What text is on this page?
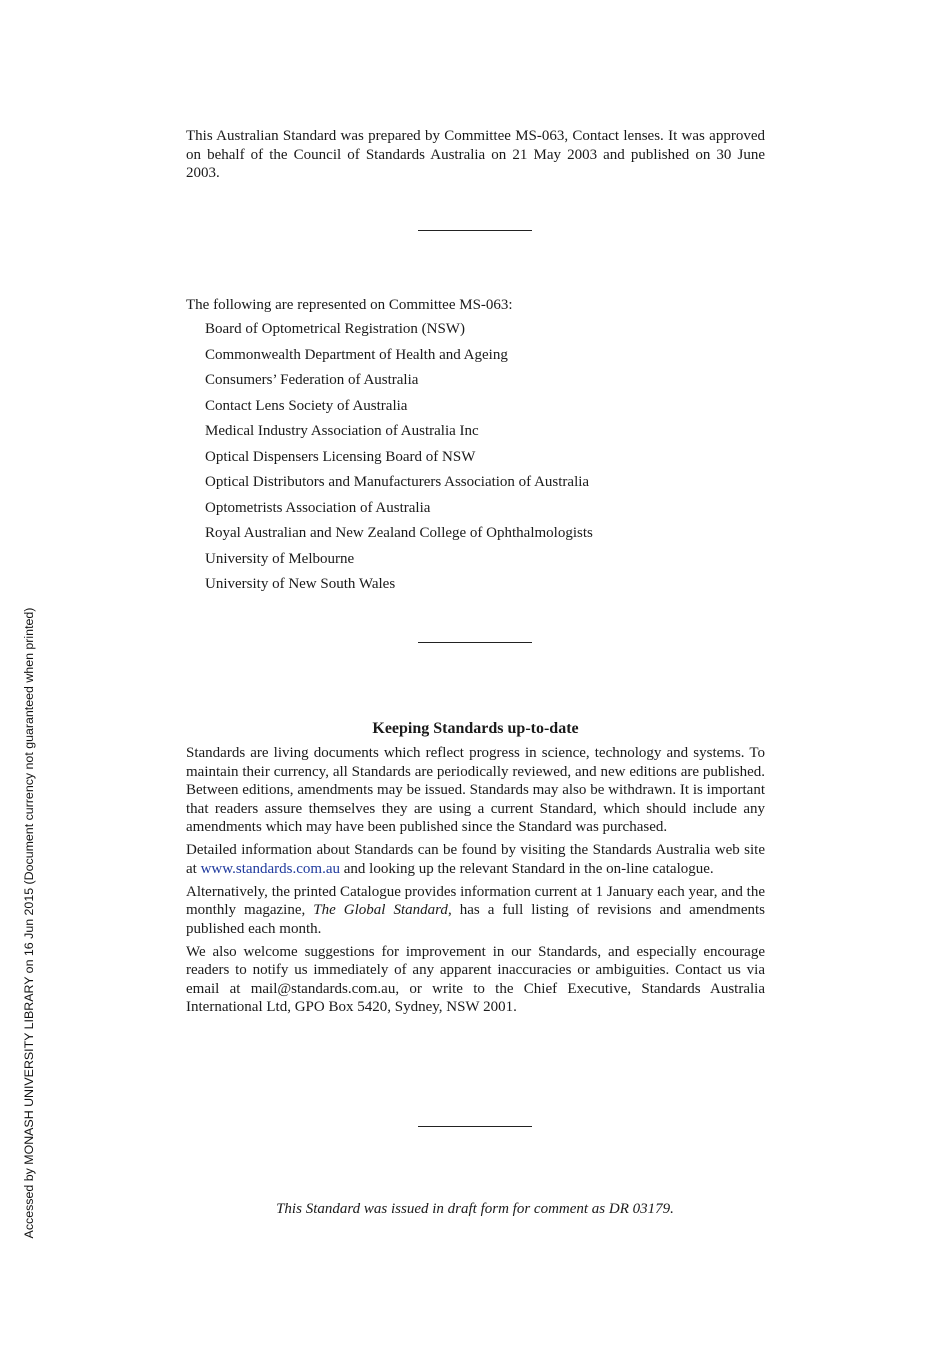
Accessed by MONASH UNIVERSITY LIBRARY on 16 Jun 2015 (Document currency not guaranteed when printed)

This Australian Standard was prepared by Committee MS-063, Contact lenses. It was approved on behalf of the Council of Standards Australia on 21 May 2003 and published on 30 June 2003.

The following are represented on Committee MS-063:

Board of Optometrical Registration (NSW)
Commonwealth Department of Health and Ageing
Consumers’ Federation of Australia
Contact Lens Society of Australia
Medical Industry Association of Australia Inc
Optical Dispensers Licensing Board of NSW
Optical Distributors and Manufacturers Association of Australia
Optometrists Association of Australia
Royal Australian and New Zealand College of Ophthalmologists
University of Melbourne
University of New South Wales
Keeping Standards up-to-date

Standards are living documents which reflect progress in science, technology and systems. To maintain their currency, all Standards are periodically reviewed, and new editions are published. Between editions, amendments may be issued. Standards may also be withdrawn. It is important that readers assure themselves they are using a current Standard, which should include any amendments which may have been published since the Standard was purchased.

Detailed information about Standards can be found by visiting the Standards Australia web site at www.standards.com.au and looking up the relevant Standard in the on-line catalogue.

Alternatively, the printed Catalogue provides information current at 1 January each year, and the monthly magazine, The Global Standard, has a full listing of revisions and amendments published each month.

We also welcome suggestions for improvement in our Standards, and especially encourage readers to notify us immediately of any apparent inaccuracies or ambiguities. Contact us via email at mail@standards.com.au, or write to the Chief Executive, Standards Australia International Ltd, GPO Box 5420, Sydney, NSW 2001.

This Standard was issued in draft form for comment as DR 03179.
